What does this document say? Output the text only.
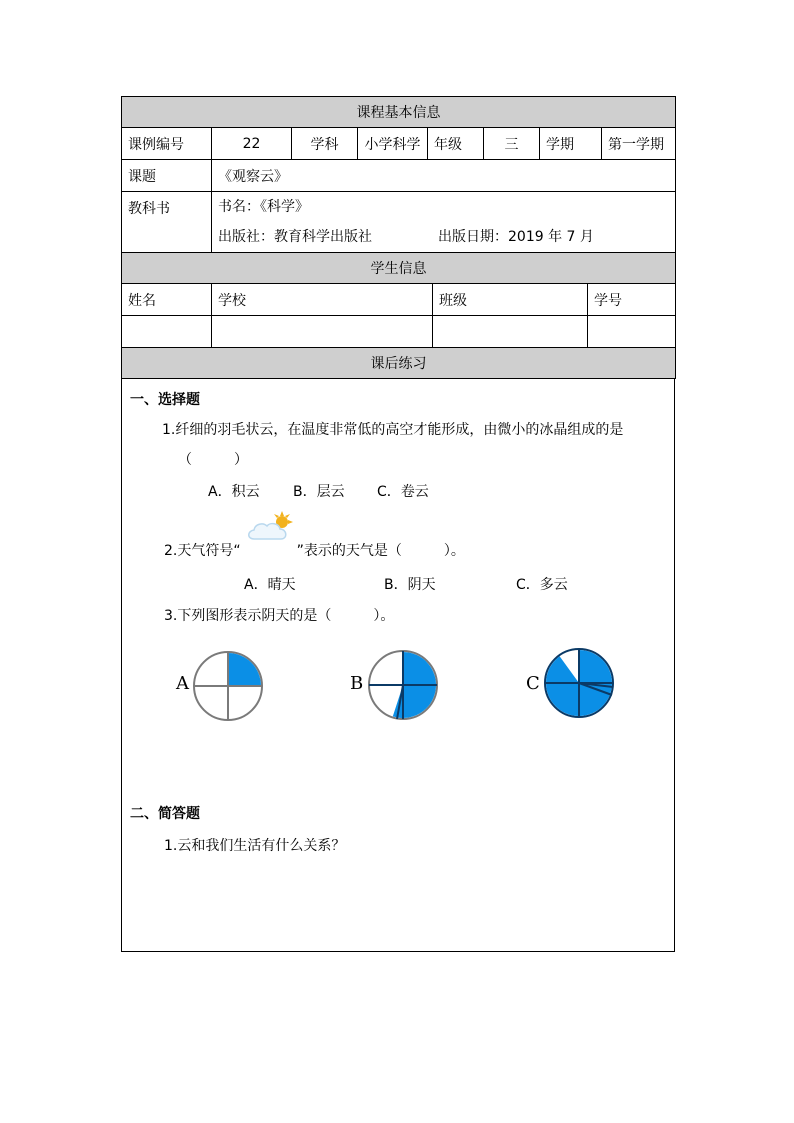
课程基本信息							
课例编号	22	学科	小学科学	年级	三	学期	第一学期
课题	《观察云》						
教科书	书名：《科学》
出版社：教育科学出版社 出版日期：2019 年 7 月						
学生信息			
姓名	学校	班级	学号

课后练习			
一、选择题
1.纤细的羽毛状云，在温度非常低的高空才能形成，由微小的冰晶组成的是
（　　　）
A．积云 B．层云 C．卷云
2.天气符号“	”表示的天气是（　　　）。
A．晴天	B．阴天	C．多云
3.下列图形表示阴天的是（　　　）。
A	B	C
二、简答题
1.云和我们生活有什么关系？
